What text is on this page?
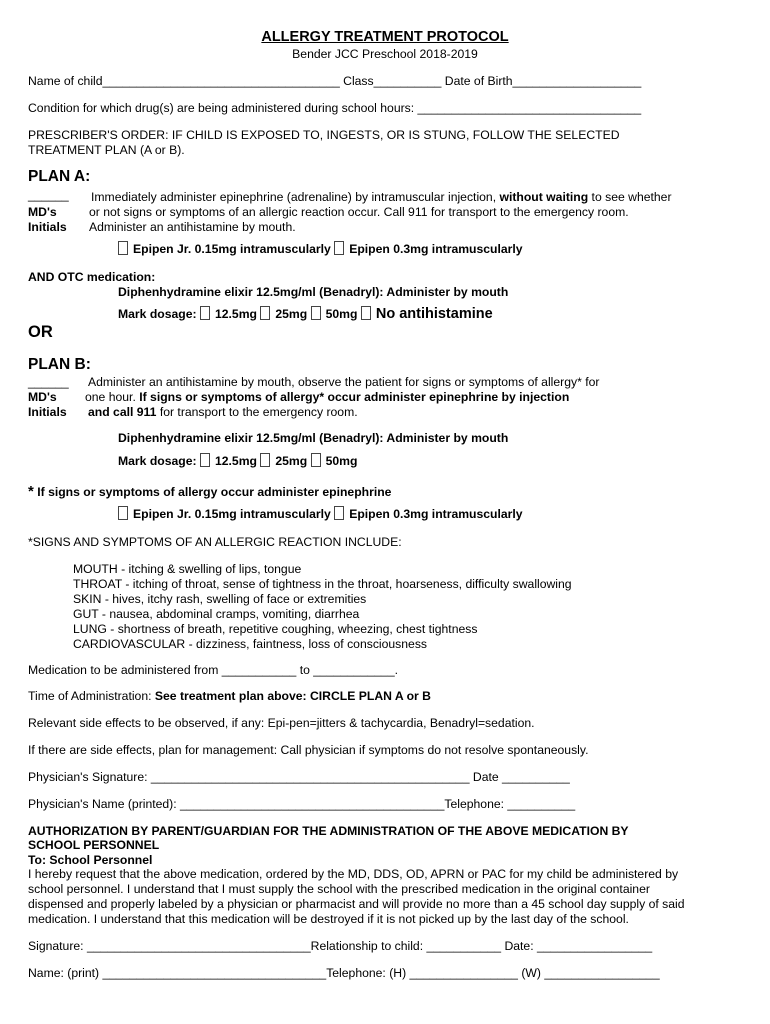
ALLERGY TREATMENT PROTOCOL
Bender JCC Preschool 2018-2019
Name of child___________________________________ Class__________ Date of Birth___________________
Condition for which drug(s) are being administered during school hours: _________________________________
PRESCRIBER'S ORDER: IF CHILD IS EXPOSED TO, INGESTS, OR IS STUNG, FOLLOW THE SELECTED
TREATMENT PLAN (A or B).
PLAN A:
______
MD's
Initials
Immediately administer epinephrine (adrenaline) by intramuscular injection, without waiting to see whether
or not signs or symptoms of an allergic reaction occur. Call 911 for transport to the emergency room.
Administer an antihistamine by mouth.
Epipen Jr. 0.15mg intramuscularly Epipen 0.3mg intramuscularly
AND OTC medication:
Diphenhydramine elixir 12.5mg/ml (Benadryl): Administer by mouth
Mark dosage: 12.5mg 25mg 50mg No antihistamine
OR
PLAN B:
______
MD's
Initials
Administer an antihistamine by mouth, observe the patient for signs or symptoms of allergy* for
one hour. If signs or symptoms of allergy* occur administer epinephrine by injection
and call 911 for transport to the emergency room.
Diphenhydramine elixir 12.5mg/ml (Benadryl): Administer by mouth
Mark dosage: 12.5mg 25mg 50mg
* If signs or symptoms of allergy occur administer epinephrine
Epipen Jr. 0.15mg intramuscularly Epipen 0.3mg intramuscularly
*SIGNS AND SYMPTOMS OF AN ALLERGIC REACTION INCLUDE:
MOUTH - itching & swelling of lips, tongue
THROAT - itching of throat, sense of tightness in the throat, hoarseness, difficulty swallowing
SKIN - hives, itchy rash, swelling of face or extremities
GUT - nausea, abdominal cramps, vomiting, diarrhea
LUNG - shortness of breath, repetitive coughing, wheezing, chest tightness
CARDIOVASCULAR - dizziness, faintness, loss of consciousness
Medication to be administered from ___________ to ____________.
Time of Administration: See treatment plan above: CIRCLE PLAN A or B
Relevant side effects to be observed, if any: Epi-pen=jitters & tachycardia, Benadryl=sedation.
If there are side effects, plan for management: Call physician if symptoms do not resolve spontaneously.
Physician's Signature: _______________________________________________ Date __________
Physician's Name (printed): _______________________________________Telephone: __________
AUTHORIZATION BY PARENT/GUARDIAN FOR THE ADMINISTRATION OF THE ABOVE MEDICATION BY
SCHOOL PERSONNEL
To: School Personnel
I hereby request that the above medication, ordered by the MD, DDS, OD, APRN or PAC for my child be administered by
school personnel. I understand that I must supply the school with the prescribed medication in the original container
dispensed and properly labeled by a physician or pharmacist and will provide no more than a 45 school day supply of said
medication. I understand that this medication will be destroyed if it is not picked up by the last day of the school.
Signature: _________________________________Relationship to child: ___________ Date: _________________
Name: (print) _________________________________Telephone: (H) ________________ (W) _________________
